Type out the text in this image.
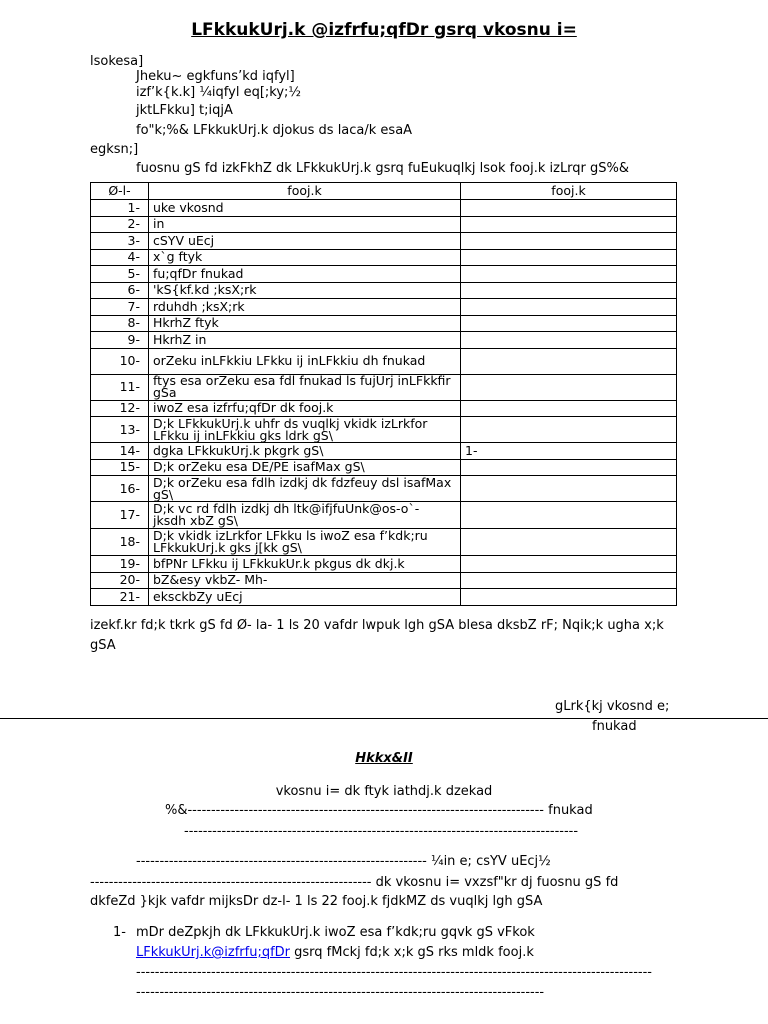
LFkkukUrj.k @izfrfu;qfDr gsrq vkosnu i=
lsokesa]
Jheku~ egkfuns’kd iqfyl]
izf’k{k.k] ¼iqfyl eq[;ky;½
jktLFkku] t;iqjA
fo"k;%& LFkkukUrj.k djokus ds laca/k esaA
egksn;]
fuosnu gS fd izkFkhZ dk LFkkukUrj.k gsrq fuEukuqlkj lsok fooj.k izLrqr gS%&
Ø-l-	fooj.k	fooj.k
1-	uke vkosnd	
2-	in	
3-	cSYV uEcj	
4-	x`g ftyk	
5-	fu;qfDr fnukad	
6-	'kS{kf.kd ;ksX;rk	
7-	rduhdh ;ksX;rk	
8-	HkrhZ ftyk	
9-	HkrhZ in	
10-	orZeku inLFkkiu LFkku ij inLFkkiu dh fnukad	
11-	ftys esa orZeku esa fdl fnukad ls fujUrj inLFkkfir gSa	
12-	iwoZ esa izfrfu;qfDr dk fooj.k	
13-	D;k LFkkukUrj.k uhfr ds vuqlkj vkidk izLrkfor LFkku ij inLFkkiu gks ldrk gS\	
14-	dgka LFkkukUrj.k pkgrk gS\	1-
15-	D;k orZeku esa DE/PE isafMax gS\	
16-	D;k orZeku esa fdlh izdkj dk fdzfeuy dsl isafMax gS\	
17-	D;k vc rd fdlh izdkj dh ltk@ifjfuUnk@os-o`- jksdh xbZ gS\	
18-	D;k vkidk izLrkfor LFkku ls iwoZ esa f’kdk;ru LFkkukUrj.k gks j[kk gS\	
19-	bfPNr LFkku ij LFkkukUr.k pkgus dk dkj.k	
20-	bZ&esy vkbZ- Mh-	
21-	eksckbZy uEcj	
izekf.kr fd;k tkrk gS fd Ø- la- 1 ls 20 vafdr lwpuk lgh gSA blesa dksbZ rF; Nqik;k ugha x;k gSA
gLrk{kj vkosnd e;
fnukad
Hkkx&II
vkosnu i= dk ftyk iathdj.k dzekad
%&---------------------------------------------------------------------------- fnukad
------------------------------------------------------------------------------------
-------------------------------------------------------------- ¼in e; csYV uEcj½
------------------------------------------------------------ dk vkosnu i= vxzsf"kr dj fuosnu gS fd
dkfeZd }kjk vafdr mijksDr dz-l- 1 ls 22 fooj.k fjdkMZ ds vuqlkj lgh gSA
1- mDr deZpkjh dk LFkkukUrj.k iwoZ esa f’kdk;ru gqvk gS vFkok
LFkkukUrj.k@izfrfu;qfDr gsrq fMckj fd;k x;k gS rks mldk fooj.k
--------------------------------------------------------------------------------------------------------------
---------------------------------------------------------------------------------------
